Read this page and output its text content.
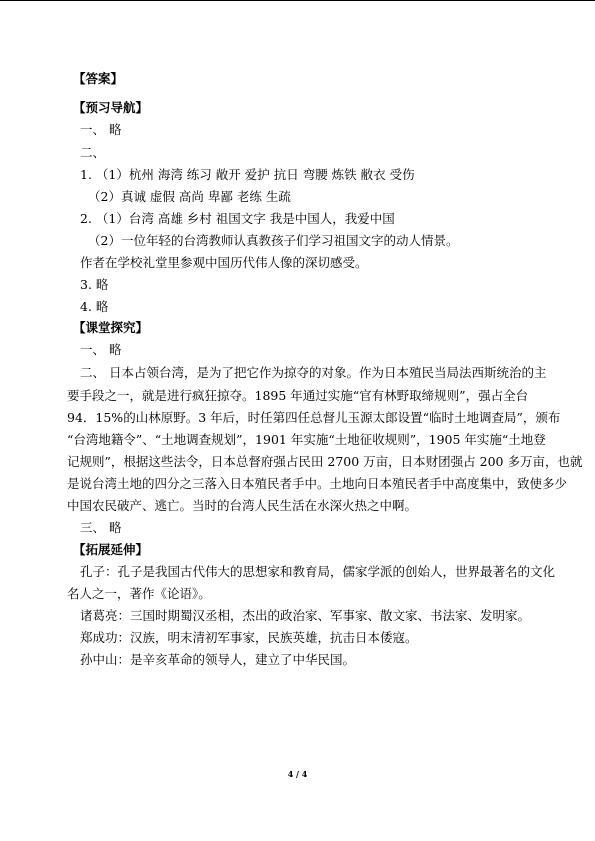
【答案】
【预习导航】
一、 略
二、
1. （1）杭州 海湾 练习 敞开 爱护 抗日 弯腰 炼铁 敝衣 受伤
（2）真诚 虚假 高尚 卑鄙 老练 生疏
2. （1）台湾 高雄 乡村 祖国文字 我是中国人，我爱中国
（2）一位年轻的台湾教师认真教孩子们学习祖国文字的动人情景。
作者在学校礼堂里参观中国历代伟人像的深切感受。
3. 略
4. 略
【课堂探究】
一、 略
二、 日本占领台湾，是为了把它作为掠夺的对象。作为日本殖民当局法西斯统治的主
要手段之一，就是进行疯狂掠夺。1895 年通过实施“官有林野取缔规则”，强占全台
94．15%的山林原野。3 年后，时任第四任总督儿玉源太郎设置“临时土地调查局”，颁布
“台湾地籍令”、“土地调查规划”，1901 年实施“土地征收规则”，1905 年实施“土地登
记规则”，根据这些法令，日本总督府强占民田 2700 万亩，日本财团强占 200 多万亩，也就
是说台湾土地的四分之三落入日本殖民者手中。土地向日本殖民者手中高度集中，致使多少
中国农民破产、逃亡。当时的台湾人民生活在水深火热之中啊。
三、 略
【拓展延伸】
孔子：孔子是我国古代伟大的思想家和教育局，儒家学派的创始人，世界最著名的文化
名人之一，著作《论语》。
诸葛亮：三国时期蜀汉丞相，杰出的政治家、军事家、散文家、书法家、发明家。
郑成功：汉族，明末清初军事家，民族英雄，抗击日本倭寇。
孙中山：是辛亥革命的领导人，建立了中华民国。
4 / 4
